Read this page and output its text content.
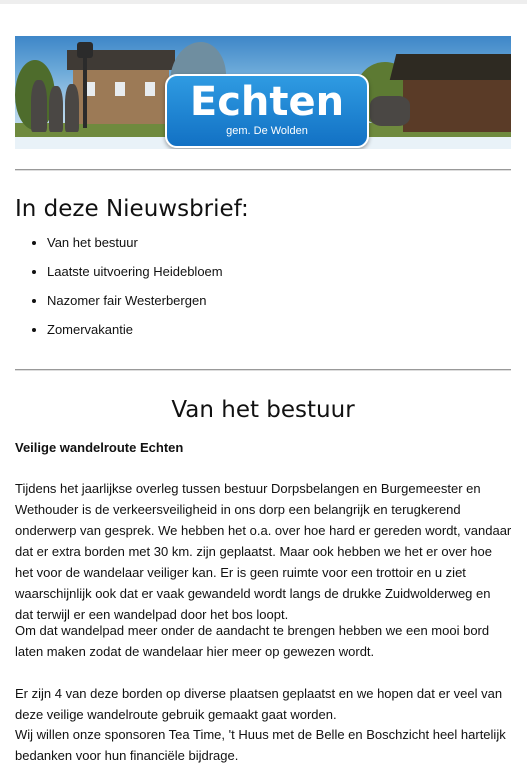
Echten
gem. De Wolden
In deze Nieuwsbrief:
• Van het bestuur
• Laatste uitvoering Heidebloem
• Nazomer fair Westerbergen
• Zomervakantie
Van het bestuur
Veilige wandelroute Echten

Tijdens het jaarlijkse overleg tussen bestuur Dorpsbelangen en Burgemeester en Wethouder is de verkeersveiligheid in ons dorp een belangrijk en terugkerend onderwerp van gesprek. We hebben het o.a. over hoe hard er gereden wordt, vandaar dat er extra borden met 30 km. zijn geplaatst. Maar ook hebben we het er over hoe het voor de wandelaar veiliger kan. Er is geen ruimte voor een trottoir en u ziet waarschijnlijk ook dat er vaak gewandeld wordt langs de drukke Zuidwolderweg en dat terwijl er een wandelpad door het bos loopt.

Om dat wandelpad meer onder de aandacht te brengen hebben we een mooi bord laten maken zodat de wandelaar hier meer op gewezen wordt.

Er zijn 4 van deze borden op diverse plaatsen geplaatst en we hopen dat er veel van deze veilige wandelroute gebruik gemaakt gaat worden.

Wij willen onze sponsoren Tea Time, 't Huus met de Belle en Boschzicht heel hartelijk bedanken voor hun financiële bijdrage.
